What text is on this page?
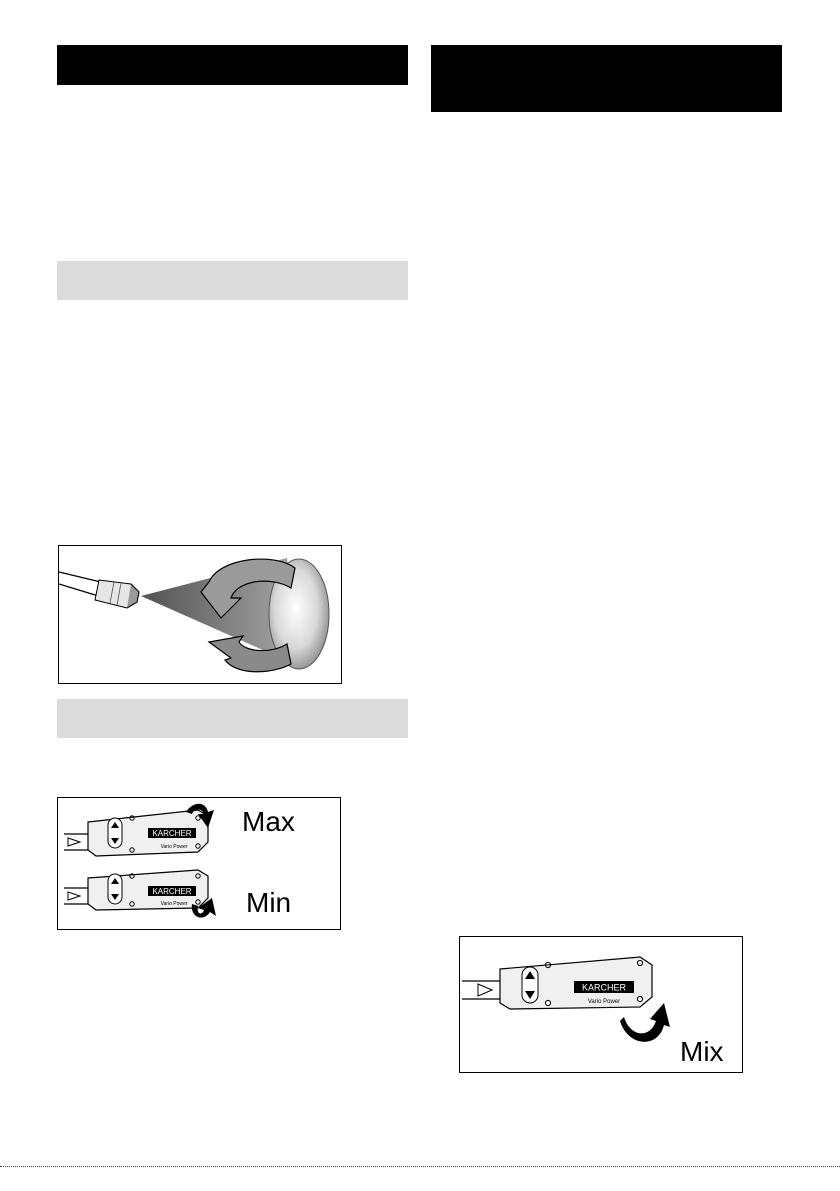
KARCHER
Vario Power
Max
KARCHER
Vario Power Min
KARCHER
Vario Power
Mix
